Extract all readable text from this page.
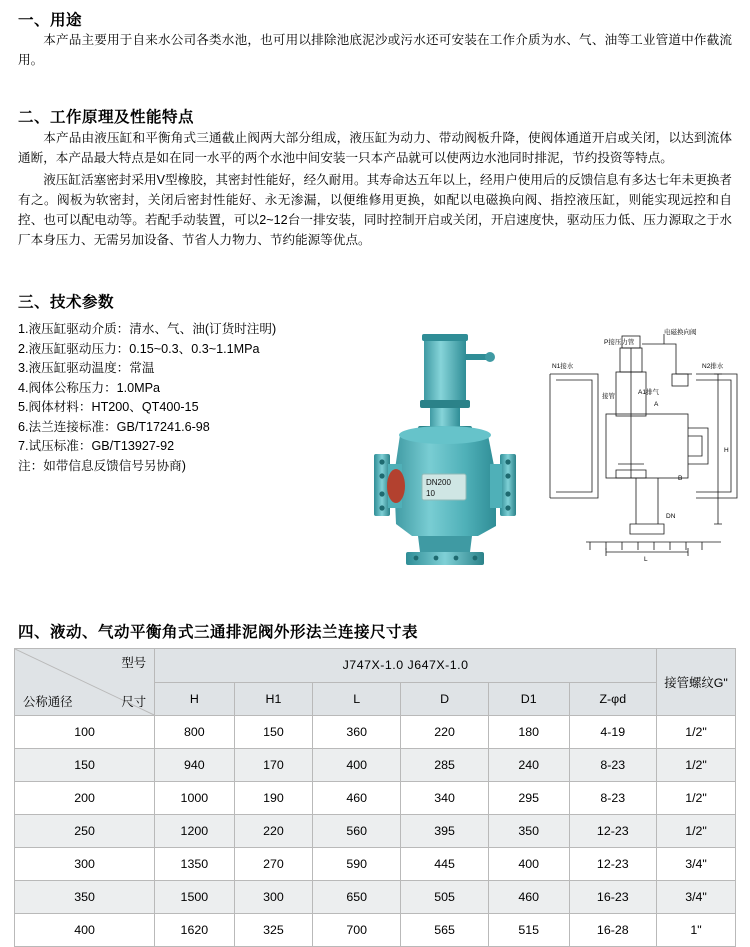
一、用途

本产品主要用于自来水公司各类水池，也可用以排除池底泥沙或污水还可安装在工作介质为水、气、油等工业管道中作截流用。

二、工作原理及性能特点

本产品由液压缸和平衡角式三通截止阀两大部分组成，液压缸为动力、带动阀板升降，使阀体通道开启或关闭，以达到流体通断，本产品最大特点是如在同一水平的两个水池中间安装一只本产品就可以使两边水池同时排泥，节约投资等特点。

液压缸活塞密封采用V型橡胶，其密封性能好，经久耐用。其寿命达五年以上，经用户使用后的反馈信息有多达七年未更换者有之。阀板为软密封，关闭后密封性能好、永无渗漏，以便维修用更换，如配以电磁换向阀、指控液压缸，则能实现远控和自控、也可以配电动等。若配手动装置，可以2~12台一排安装，同时控制开启或关闭，开启速度快，驱动压力低、压力源取之于水厂本身压力、无需另加设备、节省人力物力、节约能源等优点。

三、技术参数
1.液压缸驱动介质：清水、气、油(订货时注明)
2.液压缸驱动压力：0.15~0.3、0.3~1.1MPa
3.液压缸驱动温度：常温
4.阀体公称压力：1.0MPa
5.阀体材料：HT200、QT400-15
6.法兰连接标准：GB/T17241.6-98
7.试压标准：GB/T13927-92
注：如带信息反馈信号另协商)
DN200
10
N1接水
P接压力管
电磁换向阀
N2排水
接管
A1排气
A
B
H
DN
L
四、液动、气动平衡角式三通排泥阀外形法兰连接尺寸表
型号
尺寸
公称通径	J747X-1.0 J647X-1.0						接管螺纹G"
	H	H1	L	D	D1	Z-φd	
100	800	150	360	220	180	4-19	1/2"
150	940	170	400	285	240	8-23	1/2"
200	1000	190	460	340	295	8-23	1/2"
250	1200	220	560	395	350	12-23	1/2"
300	1350	270	590	445	400	12-23	3/4"
350	1500	300	650	505	460	16-23	3/4"
400	1620	325	700	565	515	16-28	1"
